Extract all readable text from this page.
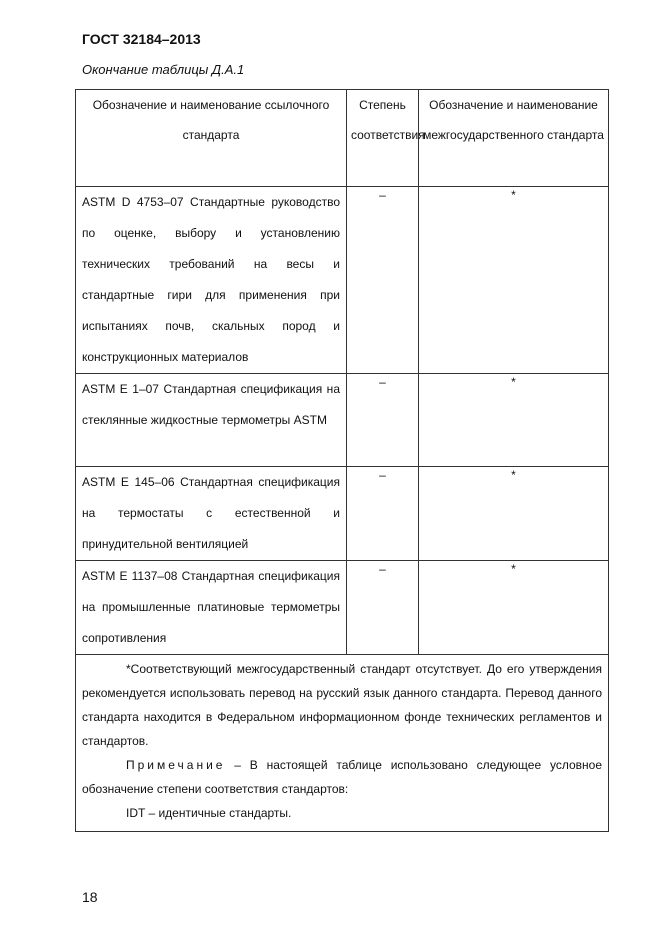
ГОСТ 32184–2013
Окончание таблицы Д.А.1
Обозначение и наименование ссылочного стандарта	Степень соответствия	Обозначение и наименование межгосударственного стандарта
ASTM D 4753–07 Стандартные руководство по оценке, выбору и установлению технических требований на весы и стандартные гири для применения при испытаниях почв, скальных пород и конструкционных материалов	–	*
ASTM E 1–07 Стандартная спецификация на стеклянные жидкостные термометры ASTM	–	*
ASTM E 145–06 Стандартная спецификация на термостаты с естественной и принудительной вентиляцией	–	*
ASTM E 1137–08 Стандартная спецификация на промышленные платиновые термометры сопротивления	–	*

*Соответствующий межгосударственный стандарт отсутствует. До его утверждения рекомендуется использовать перевод на русский язык данного стандарта. Перевод данного стандарта находится в Федеральном информационном фонде технических регламентов и стандартов.

Примечание – В настоящей таблице использовано следующее условное обозначение степени соответствия стандартов:

IDT – идентичные стандарты.		

18
